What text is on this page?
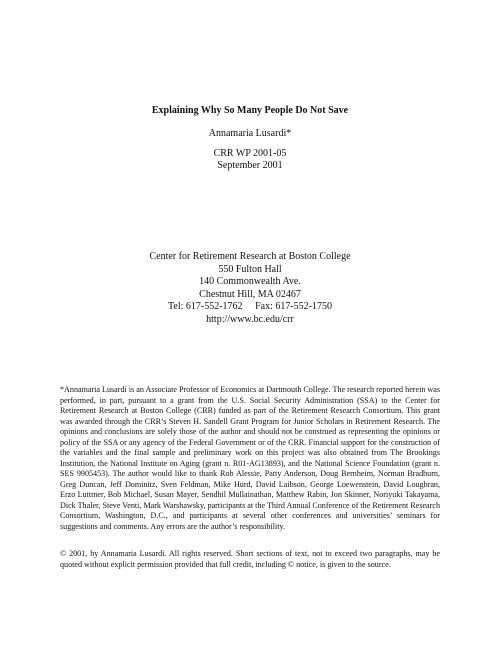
Explaining Why So Many People Do Not Save
Annamaria Lusardi*
CRR WP 2001-05
September 2001
Center for Retirement Research at Boston College
550 Fulton Hall
140 Commonwealth Ave.
Chestnut Hill, MA 02467
Tel: 617-552-1762 Fax: 617-552-1750
http://www.bc.edu/crr
*Annamaria Lusardi is an Associate Professor of Economics at Dartmouth College. The research reported herein was performed, in part, pursuant to a grant from the U.S. Social Security Administration (SSA) to the Center for Retirement Research at Boston College (CRR) funded as part of the Retirement Research Consortium. This grant was awarded through the CRR’s Steven H. Sandell Grant Program for Junior Scholars in Retirement Research. The opinions and conclusions are solely those of the author and should not be construed as representing the opinions or policy of the SSA or any agency of the Federal Government or of the CRR. Financial support for the construction of the variables and the final sample and preliminary work on this project was also obtained from The Brookings Institution, the National Institute on Aging (grant n. R01-AG13893), and the National Science Foundation (grant n. SES 9905453). The author would like to thank Rob Alessie, Patty Anderson, Doug Bernheim, Norman Bradburn, Greg Duncan, Jeff Dominitz, Sven Feldman, Mike Hurd, David Laibson, George Loewenstein, David Loughran, Erzo Luttmer, Bob Michael, Susan Mayer, Sendhil Mullainathan, Matthew Rabin, Jon Skinner, Noriyuki Takayama, Dick Thaler, Steve Venti, Mark Warshawsky, participants at the Third Annual Conference of the Retirement Research Consortium, Washington, D.C., and participants at several other conferences and universities’ seminars for suggestions and comments. Any errors are the author’s responsibility.
© 2001, by Annamaria Lusardi. All rights reserved. Short sections of text, not to exceed two paragraphs, may be quoted without explicit permission provided that full credit, including © notice, is given to the source.
